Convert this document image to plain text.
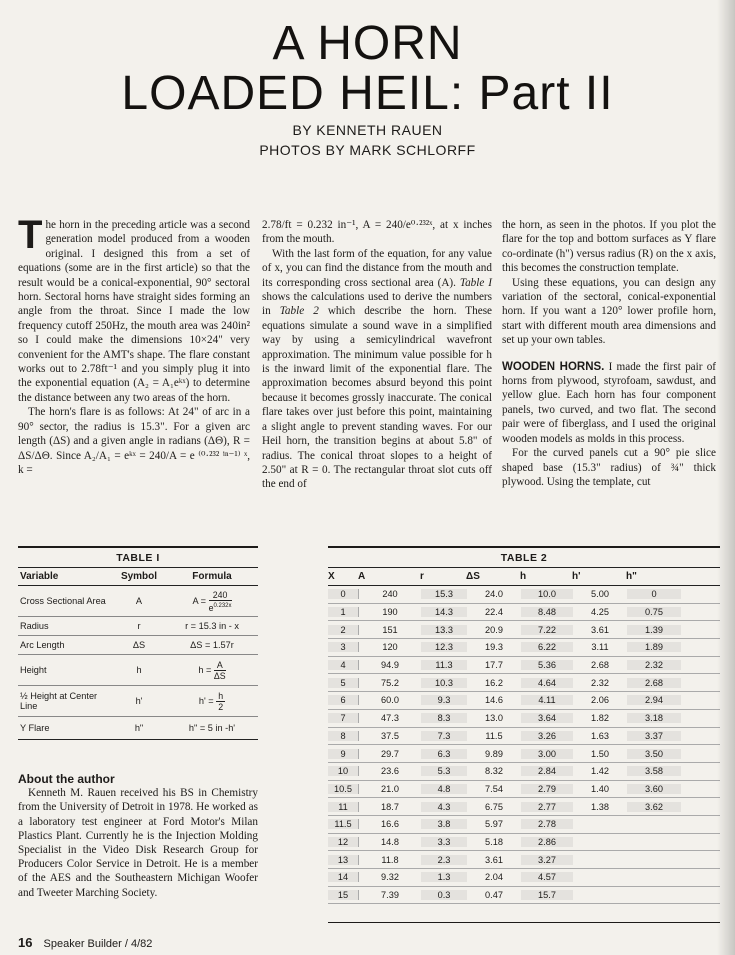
A HORN
LOADED HEIL: Part II
BY KENNETH RAUEN
PHOTOS BY MARK SCHLORFF

The horn in the preceding article was a second generation model produced from a wooden original. I designed this from a set of equations (some are in the first article) so that the result would be a conical-exponential, 90° sectoral horn. Sectoral horns have straight sides forming an angle from the throat. Since I made the low frequency cutoff 250Hz, the mouth area was 240in² so I could make the dimensions 10×24" very convenient for the AMT's shape. The flare constant works out to 2.78ft⁻¹ and you simply plug it into the exponential equation (A₂ = A₁eᵏˣ) to determine the distance between any two areas of the horn.

The horn's flare is as follows: At 24" of arc in a 90° sector, the radius is 15.3". For a given arc length (ΔS) and a given angle in radians (ΔΘ), R = ΔS/ΔΘ. Since A₂/A₁ = eᵏˣ = 240/A = e ⁽⁰·²³² ⁱⁿ⁻¹⁾ ˣ, k =

2.78/ft = 0.232 in⁻¹, A = 240/e⁰·²³²ˣ, at x inches from the mouth.

With the last form of the equation, for any value of x, you can find the distance from the mouth and its corresponding cross sectional area (A). Table I shows the calculations used to derive the numbers in Table 2 which describe the horn. These equations simulate a sound wave in a simplified way by using a semicylindrical wavefront approximation. The minimum value possible for h is the inward limit of the exponential flare. The approximation becomes absurd beyond this point because it becomes grossly inaccurate. The conical flare takes over just before this point, maintaining a slight angle to prevent standing waves. For our Heil horn, the transition begins at about 5.8" of radius. The conical throat slopes to a height of 2.50" at R = 0. The rectangular throat slot cuts off the end of

the horn, as seen in the photos. If you plot the flare for the top and bottom surfaces as Y flare co-ordinate (h") versus radius (R) on the x axis, this becomes the construction template.

Using these equations, you can design any variation of the sectoral, conical-exponential horn. If you want a 120° lower profile horn, start with different mouth area dimensions and set up your own tables.

WOODEN HORNS. I made the first pair of horns from plywood, styrofoam, sawdust, and yellow glue. Each horn has four component panels, two curved, and two flat. The second pair were of fiberglass, and I used the original wooden models as molds in this process.

For the curved panels cut a 90° pie slice shaped base (15.3" radius) of ¾" thick plywood. Using the template, cut

TABLE I
Variable	Symbol	Formula
Cross Sectional Area	A	$A = \frac{240}{e^{0.232x}}$
Radius	r	r = 15.3 in - x
Arc Length	ΔS	ΔS = 1.57r
Height	h	$h = \frac{A}{\Delta S}$
½ Height at Center Line	h'	$h' = \frac{h}{2}$
Y Flare	h"	h" = 5 in -h'
About the author

Kenneth M. Rauen received his BS in Chemistry from the University of Detroit in 1978. He worked as a laboratory test engineer at Ford Motor's Milan Plastics Plant. Currently he is the Injection Molding Specialist in the Video Disk Research Group for Producers Color Service in Detroit. He is a member of the AES and the Southeastern Michigan Woofer and Tweeter Marching Society.

TABLE 2
X	A	r	ΔS	h	h'	h"
0	240	15.3	24.0	10.0	5.00	0
1	190	14.3	22.4	8.48	4.25	0.75
2	151	13.3	20.9	7.22	3.61	1.39
3	120	12.3	19.3	6.22	3.11	1.89
4	94.9	11.3	17.7	5.36	2.68	2.32
5	75.2	10.3	16.2	4.64	2.32	2.68
6	60.0	9.3	14.6	4.11	2.06	2.94
7	47.3	8.3	13.0	3.64	1.82	3.18
8	37.5	7.3	11.5	3.26	1.63	3.37
9	29.7	6.3	9.89	3.00	1.50	3.50
10	23.6	5.3	8.32	2.84	1.42	3.58
10.5	21.0	4.8	7.54	2.79	1.40	3.60
11	18.7	4.3	6.75	2.77	1.38	3.62
11.5	16.6	3.8	5.97	2.78
12	14.8	3.3	5.18	2.86
13	11.8	2.3	3.61	3.27
14	9.32	1.3	2.04	4.57
15	7.39	0.3	0.47	15.7
16 Speaker Builder / 4/82
